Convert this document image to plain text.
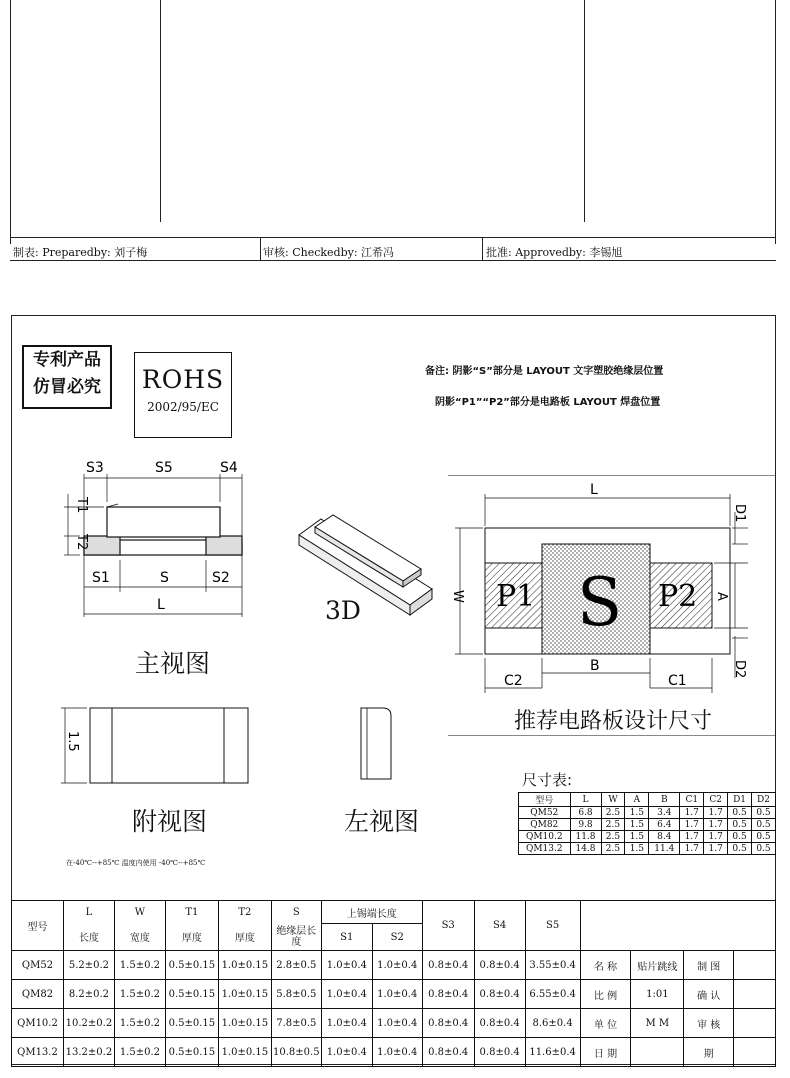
制表: Preparedby: 刘子梅	审核: Checkedby: 江希冯	批准: Approvedby: 李锡旭
专利产品
仿冒必究	ROHS
2002/95/EC
备注: 阴影“S”部分是 LAYOUT 文字塑胶绝缘层位置
阴影“P1”“P2”部分是电路板 LAYOUT 焊盘位置
S3	S5	S4
T1
T2
S1	S	S2
L
主视图
3D
L
D1
W P1 S P2 A
B	D2
C2	C1
推荐电路板设计尺寸
1.5
附视图	左视图
在-40℃--+85℃ 温度内使用 -40℃--+85℃
尺寸表:
型号	L	W	A	B	C1	C2	D1	D2
QM52	6.8	2.5	1.5	3.4	1.7	1.7	0.5	0.5
QM82	9.8	2.5	1.5	6.4	1.7	1.7	0.5	0.5
QM10.2	11.8	2.5	1.5	8.4	1.7	1.7	0.5	0.5
QM13.2	14.8	2.5	1.5	11.4	1.7	1.7	0.5	0.5
型号	L	W	T1	T2	S	上锡端长度		S3	S4	S5				
	长度	宽度	厚度	厚度	绝缘层长度	S1	S2							
QM52	5.2±0.2	1.5±0.2	0.5±0.15	1.0±0.15	2.8±0.5	1.0±0.4	1.0±0.4	0.8±0.4	0.8±0.4	3.55±0.4	名 称	贴片跳线	制 图	
QM82	8.2±0.2	1.5±0.2	0.5±0.15	1.0±0.15	5.8±0.5	1.0±0.4	1.0±0.4	0.8±0.4	0.8±0.4	6.55±0.4	比 例	1:01	确 认	
QM10.2	10.2±0.2	1.5±0.2	0.5±0.15	1.0±0.15	7.8±0.5	1.0±0.4	1.0±0.4	0.8±0.4	0.8±0.4	8.6±0.4	单 位	M M	审 核	
QM13.2	13.2±0.2	1.5±0.2	0.5±0.15	1.0±0.15	10.8±0.5	1.0±0.4	1.0±0.4	0.8±0.4	0.8±0.4	11.6±0.4	日 期		期	
